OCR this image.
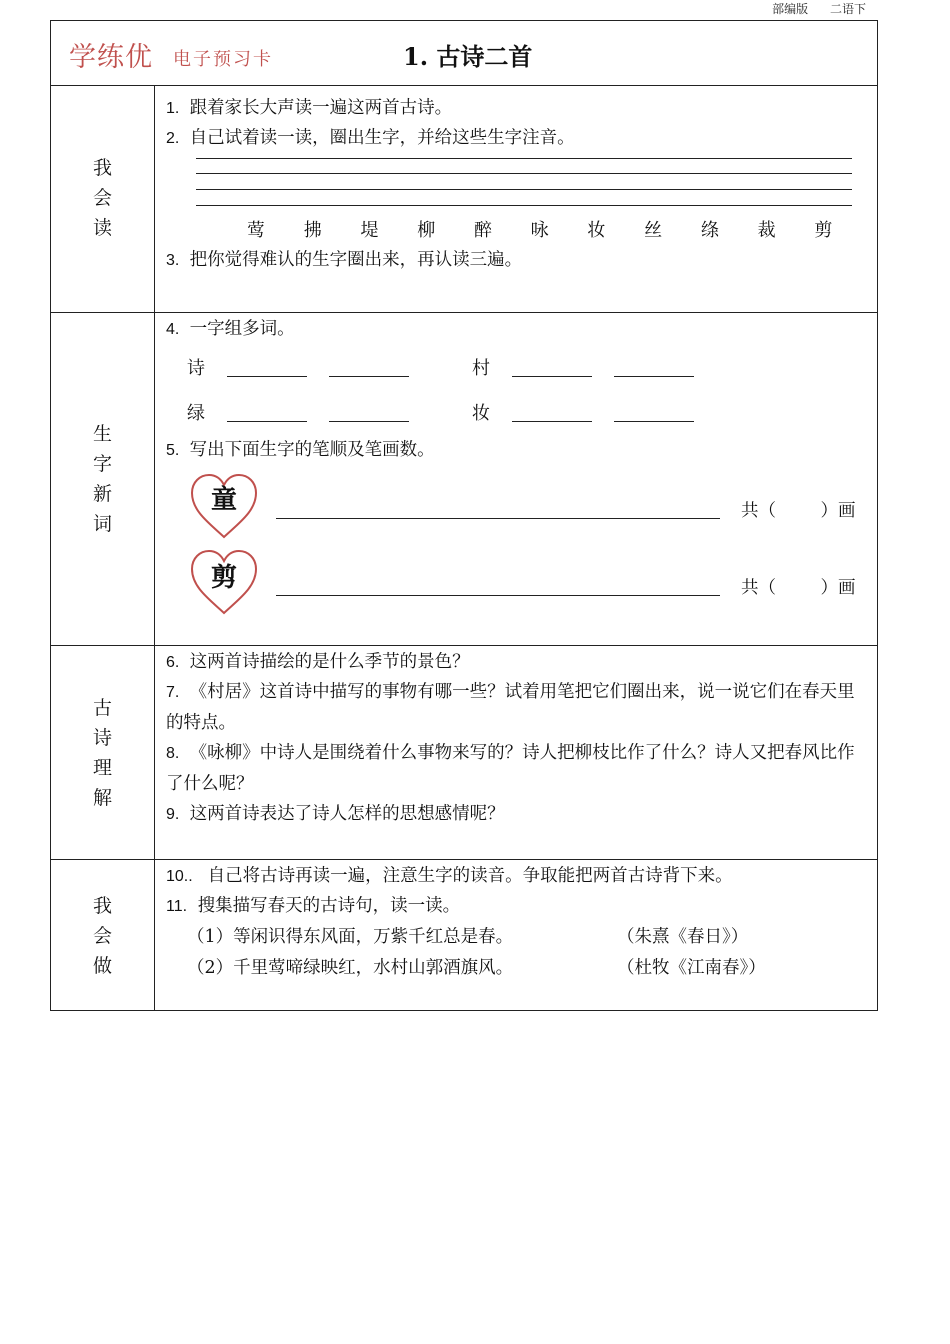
部编版 二语下
学练优 电子预习卡	1. 古诗二首
我
会
读
1. 跟着家长大声读一遍这两首古诗。
2. 自己试着读一读，圈出生字，并给这些生字注音。
莺 拂 堤 柳 醉 咏 妆 丝 绦 裁 剪
3. 把你觉得难认的生字圈出来，再认读三遍。
生
字
新
词
4. 一字组多词。
诗	村
绿	妆
5. 写出下面生字的笔顺及笔画数。
童	共（        ）画
剪	共（        ）画
古
诗
理
解
6. 这两首诗描绘的是什么季节的景色？
7. 《村居》这首诗中描写的事物有哪一些？试着用笔把它们圈出来，说一说它们在春天里的特点。
8. 《咏柳》中诗人是围绕着什么事物来写的？诗人把柳枝比作了什么？诗人又把春风比作了什么呢？
9. 这两首诗表达了诗人怎样的思想感情呢？
我
会
做
10.. 自己将古诗再读一遍，注意生字的读音。争取能把两首古诗背下来。
11. 搜集描写春天的古诗句，读一读。
（1）等闲识得东风面，万紫千红总是春。	（朱熹《春日》）
（2）千里莺啼绿映红，水村山郭酒旗风。	（杜牧《江南春》）
